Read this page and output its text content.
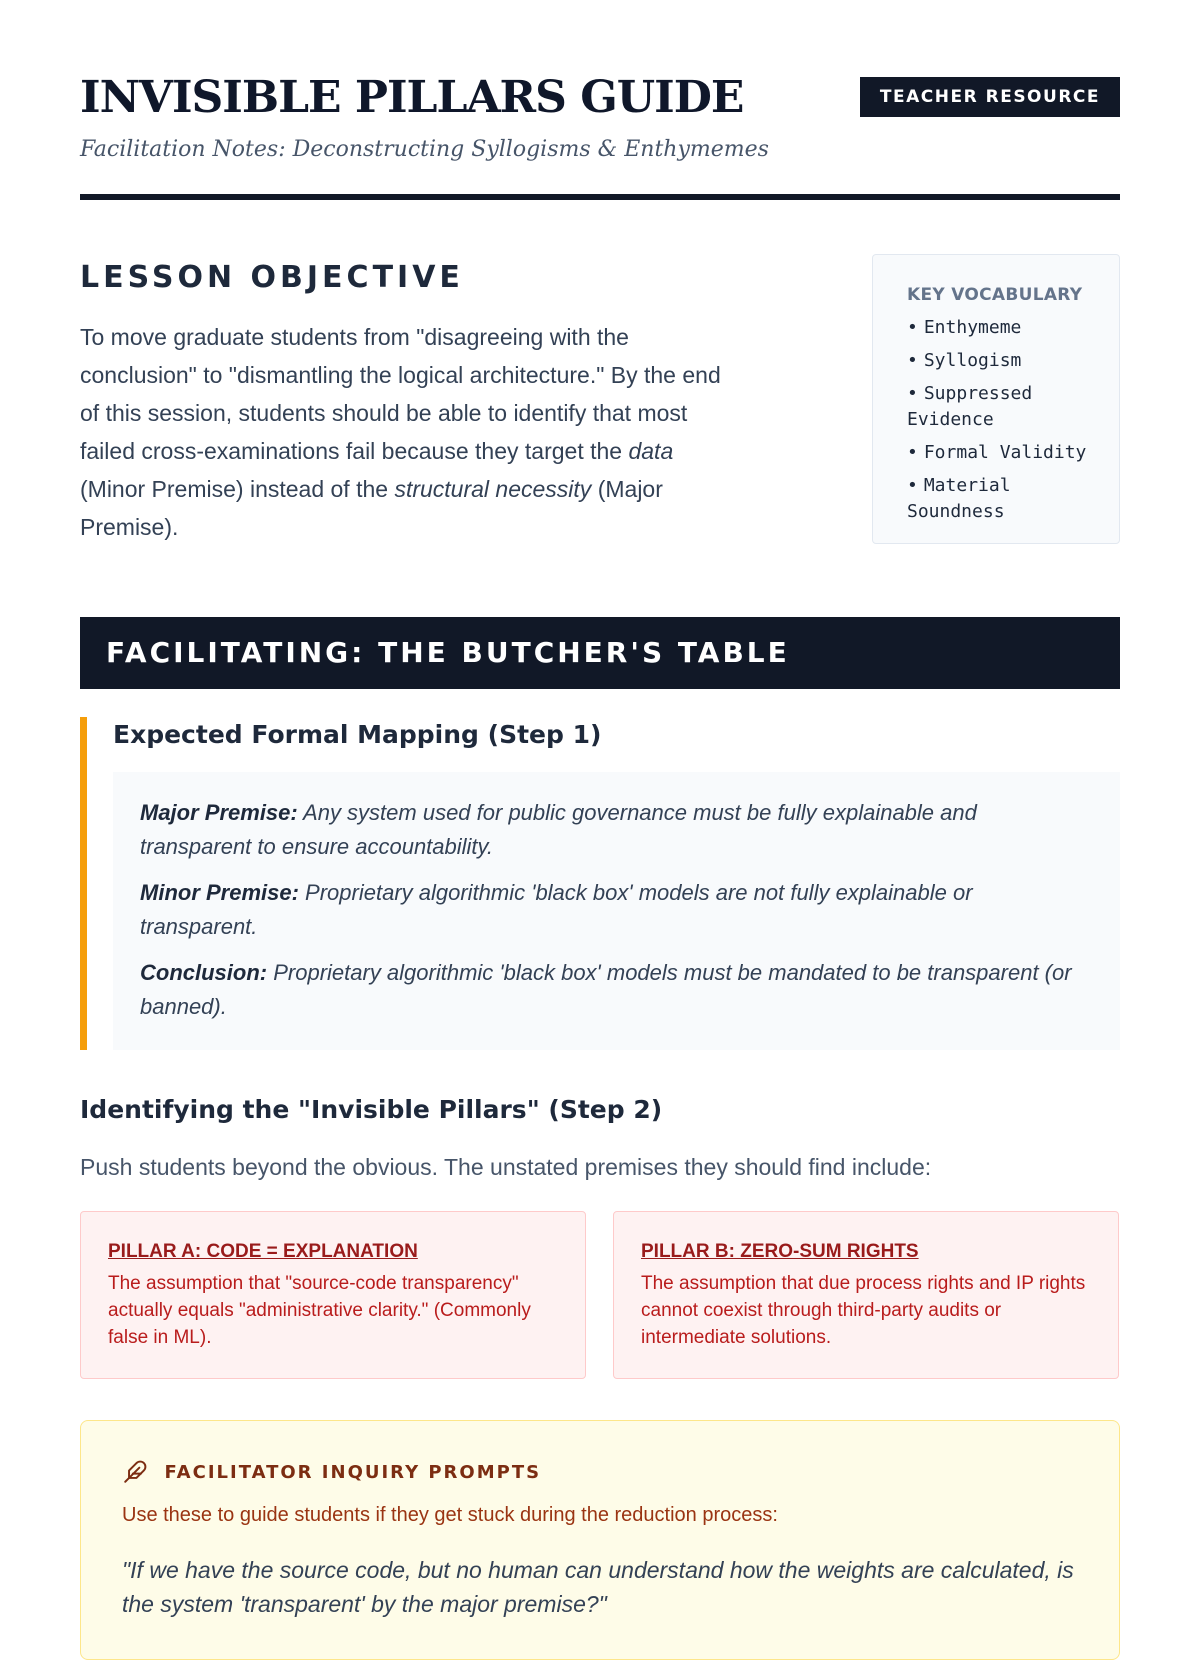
INVISIBLE PILLARS GUIDE

Facilitation Notes: Deconstructing Syllogisms & Enthymemes

TEACHER RESOURCE
LESSON OBJECTIVE

To move graduate students from "disagreeing with the conclusion" to "dismantling the logical architecture." By the end of this session, students should be able to identify that most failed cross-examinations fail because they target the data (Minor Premise) instead of the structural necessity (Major Premise).

KEY VOCABULARY
• Enthymeme
• Syllogism
• Suppressed Evidence
• Formal Validity
• Material Soundness
FACILITATING: THE BUTCHER'S TABLE
Expected Formal Mapping (Step 1)

Major Premise: Any system used for public governance must be fully explainable and transparent to ensure accountability.

Minor Premise: Proprietary algorithmic 'black box' models are not fully explainable or transparent.

Conclusion: Proprietary algorithmic 'black box' models must be mandated to be transparent (or banned).

Identifying the "Invisible Pillars" (Step 2)

Push students beyond the obvious. The unstated premises they should find include:

PILLAR A: CODE = EXPLANATION

The assumption that "source-code transparency" actually equals "administrative clarity." (Commonly false in ML).

PILLAR B: ZERO-SUM RIGHTS

The assumption that due process rights and IP rights cannot coexist through third-party audits or intermediate solutions.

FACILITATOR INQUIRY PROMPTS

Use these to guide students if they get stuck during the reduction process:

"If we have the source code, but no human can understand how the weights are calculated, is the system 'transparent' by the major premise?"
